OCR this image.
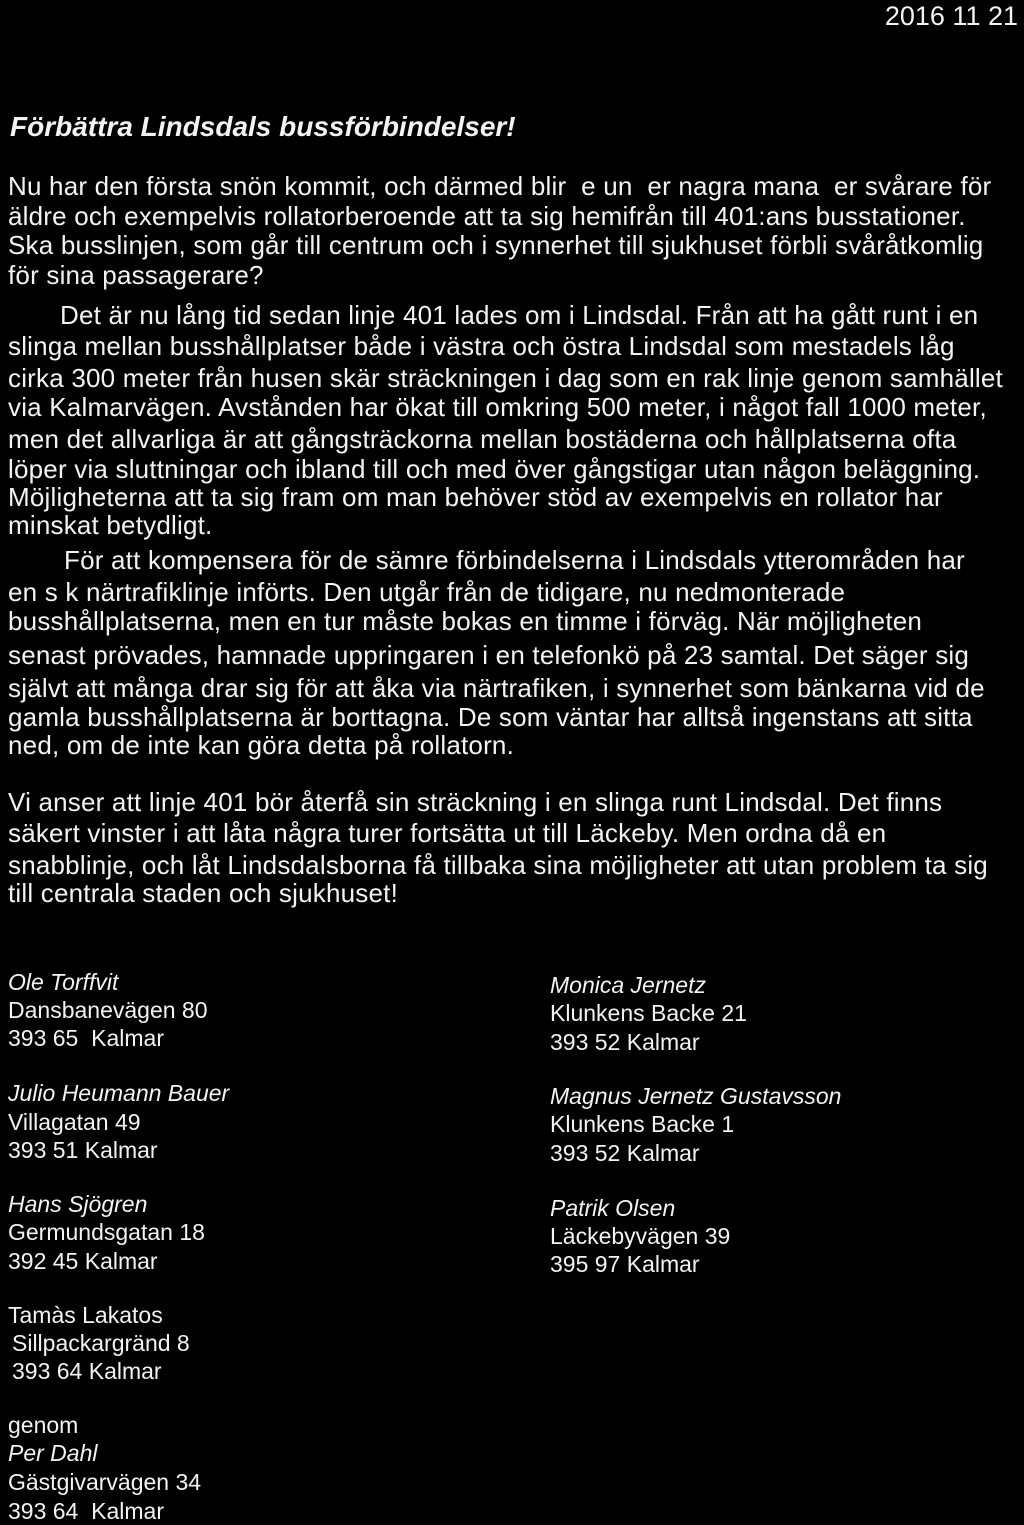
2016 11 21
Förbättra Lindsdals bussförbindelser!
Nu har den första snön kommit, och därmed blir  e un  er nagra mana  er svårare för
äldre och exempelvis rollatorberoende att ta sig hemifrån till 401:ans busstationer.
Ska busslinjen, som går till centrum och i synnerhet till sjukhuset förbli svåråtkomlig
för sina passagerare?
Det är nu lång tid sedan linje 401 lades om i Lindsdal. Från att ha gått runt i en
slinga mellan busshållplatser både i västra och östra Lindsdal som mestadels låg
cirka 300 meter från husen skär sträckningen i dag som en rak linje genom samhället
via Kalmarvägen. Avstånden har ökat till omkring 500 meter, i något fall 1000 meter,
men det allvarliga är att gångsträckorna mellan bostäderna och hållplatserna ofta
löper via sluttningar och ibland till och med över gångstigar utan någon beläggning.
Möjligheterna att ta sig fram om man behöver stöd av exempelvis en rollator har
minskat betydligt.
För att kompensera för de sämre förbindelserna i Lindsdals ytterområden har
en s k närtrafiklinje införts. Den utgår från de tidigare, nu nedmonterade
busshållplatserna, men en tur måste bokas en timme i förväg. När möjligheten
senast prövades, hamnade uppringaren i en telefonkö på 23 samtal. Det säger sig
självt att många drar sig för att åka via närtrafiken, i synnerhet som bänkarna vid de
gamla busshållplatserna är borttagna. De som väntar har alltså ingenstans att sitta
ned, om de inte kan göra detta på rollatorn.
Vi anser att linje 401 bör återfå sin sträckning i en slinga runt Lindsdal. Det finns
säkert vinster i att låta några turer fortsätta ut till Läckeby. Men ordna då en
snabblinje, och låt Lindsdalsborna få tillbaka sina möjligheter att utan problem ta sig
till centrala staden och sjukhuset!
Ole Torffvit
Dansbanevägen 80
393 65  Kalmar
Julio Heumann Bauer
Villagatan 49
393 51 Kalmar
Hans Sjögren
Germundsgatan 18
392 45 Kalmar
Tamàs Lakatos
Sillpackargränd 8
393 64 Kalmar
Monica Jernetz
Klunkens Backe 21
393 52 Kalmar
Magnus Jernetz Gustavsson
Klunkens Backe 1
393 52 Kalmar
Patrik Olsen
Läckebyvägen 39
395 97 Kalmar
genom
Per Dahl
Gästgivarvägen 34
393 64  Kalmar
